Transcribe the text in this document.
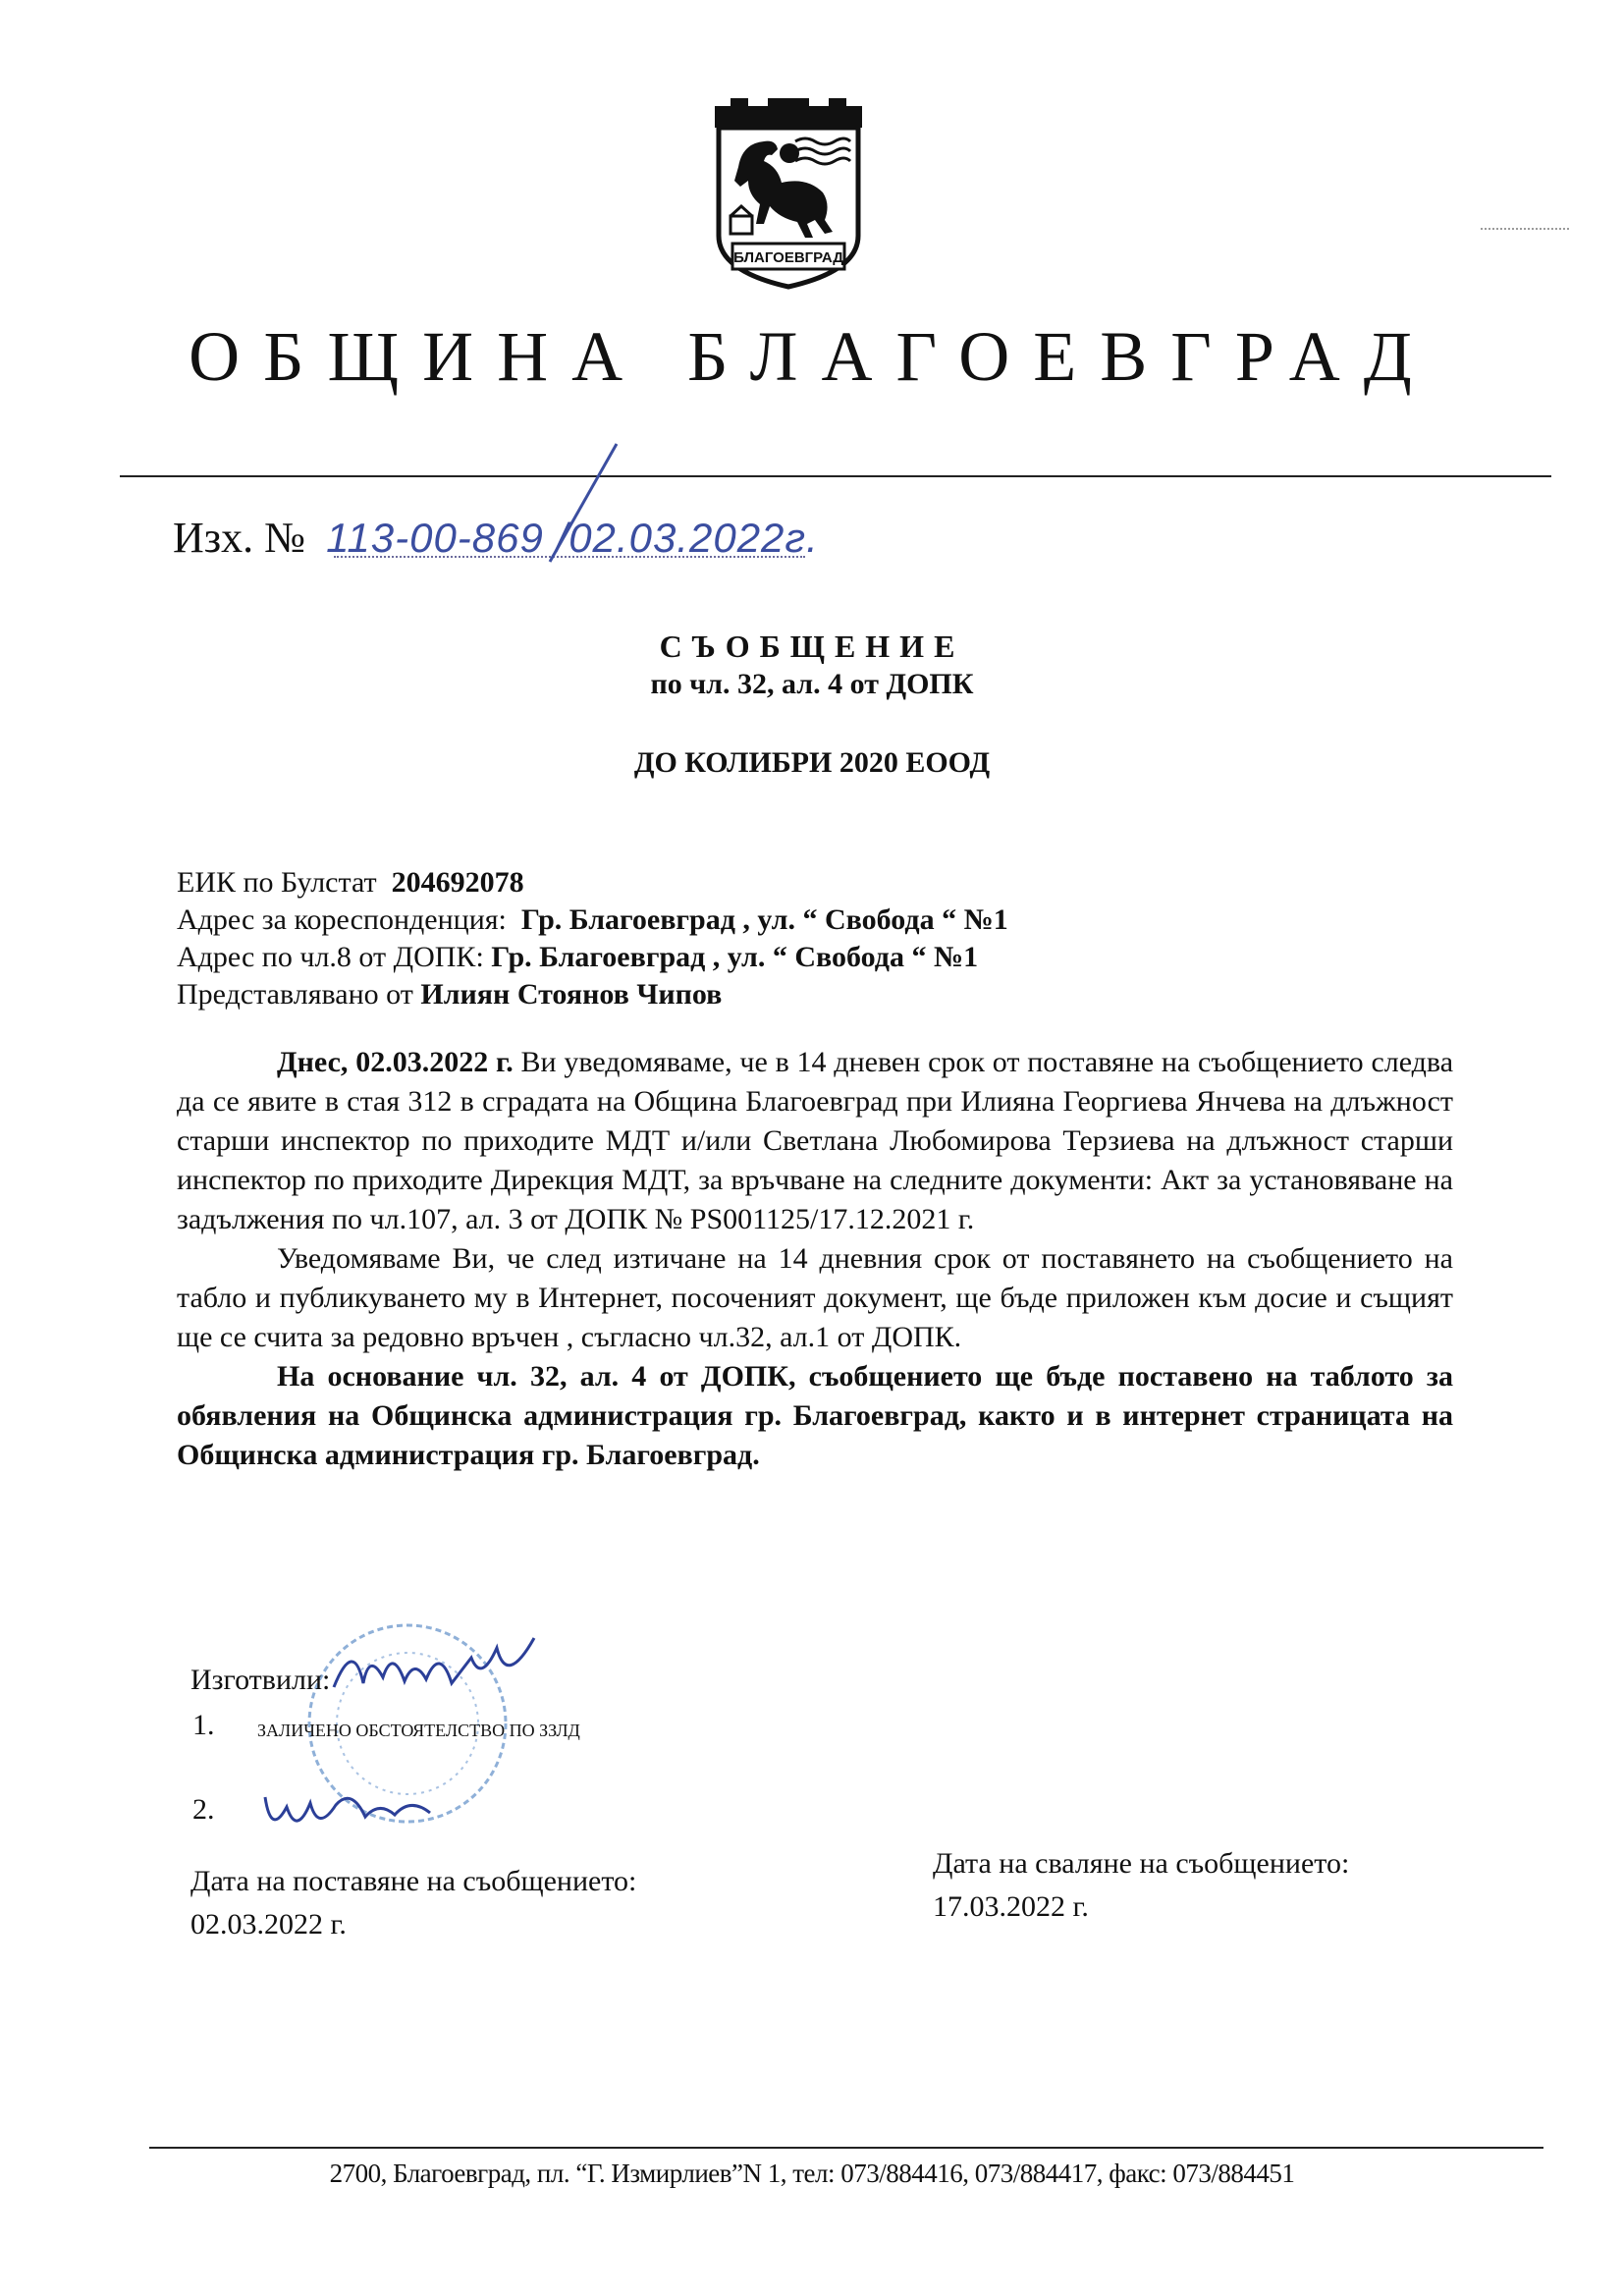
БЛАГОЕВГРАД
ОБЩИНА БЛАГОЕВГРАД
Изх. № 113-00-869 /02.03.2022г.
СЪОБЩЕНИЕ
по чл. 32, ал. 4 от ДОПК
ДО КОЛИБРИ 2020 ЕООД
ЕИК по Булстат 204692078
Адрес за кореспонденция: Гр. Благоевград , ул. “ Свобода “ №1
Адрес по чл.8 от ДОПК: Гр. Благоевград , ул. “ Свобода “ №1
Представлявано от Илиян Стоянов Чипов

Днес, 02.03.2022 г. Ви уведомяваме, че в 14 дневен срок от поставяне на съобщението следва да се явите в стая 312 в сградата на Община Благоевград при Илияна Георгиева Янчева на длъжност старши инспектор по приходите МДТ и/или Светлана Любомирова Терзиева на длъжност старши инспектор по приходите Дирекция МДТ, за връчване на следните документи: Акт за установяване на задължения по чл.107, ал. 3 от ДОПК № PS001125/17.12.2021 г.

Уведомяваме Ви, че след изтичане на 14 дневния срок от поставянето на съобщението на табло и публикуването му в Интернет, посоченият документ, ще бъде приложен към досие и същият ще се счита за редовно връчен , съгласно чл.32, ал.1 от ДОПК.

На основание чл. 32, ал. 4 от ДОПК, съобщението ще бъде поставено на таблото за обявления на Общинска администрация гр. Благоевград, както и в интернет страницата на Общинска администрация гр. Благоевград.

Изготвили:
1. ЗАЛИЧЕНО ОБСТОЯТЕЛСТВО ПО ЗЗЛД
2.
Дата на поставяне на съобщението:
02.03.2022 г.
Дата на сваляне на съобщението:
17.03.2022 г.
2700, Благоевград, пл. “Г. Измирлиев”N 1, тел: 073/884416, 073/884417, факс: 073/884451
